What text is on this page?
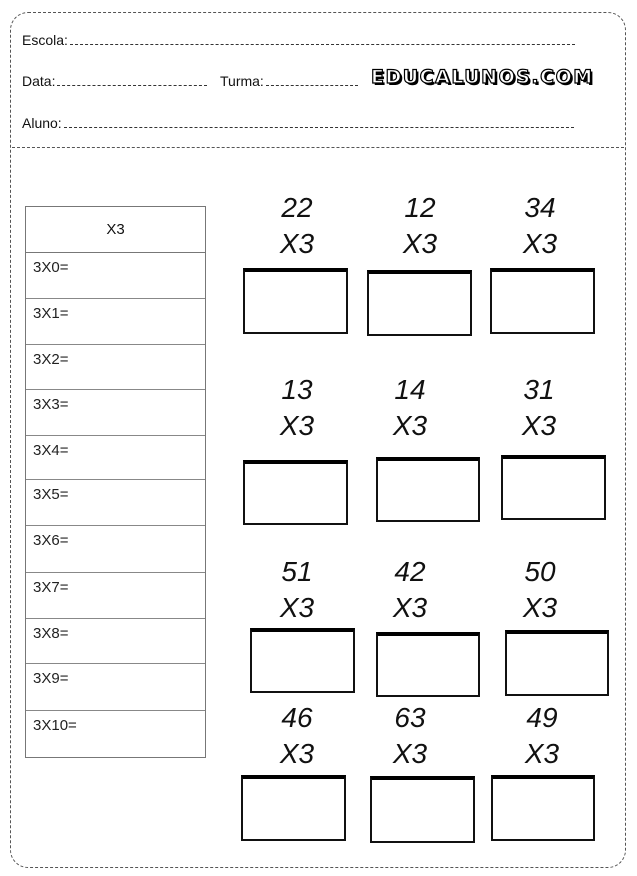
Escola:
Data:	Turma:	EDUCALUNOS.COM
Aluno:
X3
3X0=
3X1=
3X2=
3X3=
3X4=
3X5=
3X6=
3X7=
3X8=
3X9=
3X10=
22
X3
12
X3
34
X3
13
X3
14
X3
31
X3
51
X3
42
X3
50
X3
46
X3
63
X3
49
X3
